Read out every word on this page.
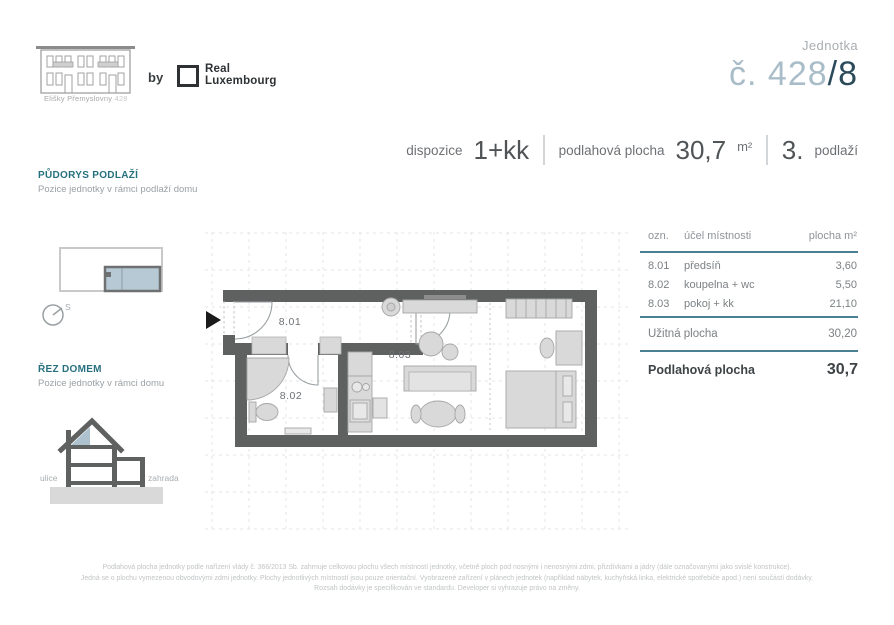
Elišky Přemyslovny 428
by
Real
Luxembourg
Jednotka
č. 428/8
dispozice 1+kk podlahová plocha 30,7 m² 3. podlaží
PŮDORYS PODLAŽÍ
Pozice jednotky v rámci podlaží domu
S
ŘEZ DOMEM
Pozice jednotky v rámci domu
ulice	zahrada
8.01
8.02
8.03
ozn.	účel místnosti	plocha m²
8.01	předsíň	3,60
8.02	koupelna + wc	5,50
8.03	pokoj + kk	21,10
Užitná plocha	30,20
Podlahová plocha	30,7
Podlahová plocha jednotky podle nařízení vlády č. 366/2013 Sb. zahrnuje celkovou plochu všech místností jednotky, včetně ploch pod nosnými i nenosnými zdmi, přizdívkami a jádry (dále označovanými jako svislé konstrukce).
Jedná se o plochu vymezenou obvodovými zdmi jednotky. Plochy jednotlivých místností jsou pouze orientační. Vyobrazené zařízení v plánech jednotek (například nábytek, kuchyňská linka, elektrické spotřebiče apod.) není součástí dodávky.
Rozsah dodávky je specifikován ve standardu. Developer si vyhrazuje právo na změny.
